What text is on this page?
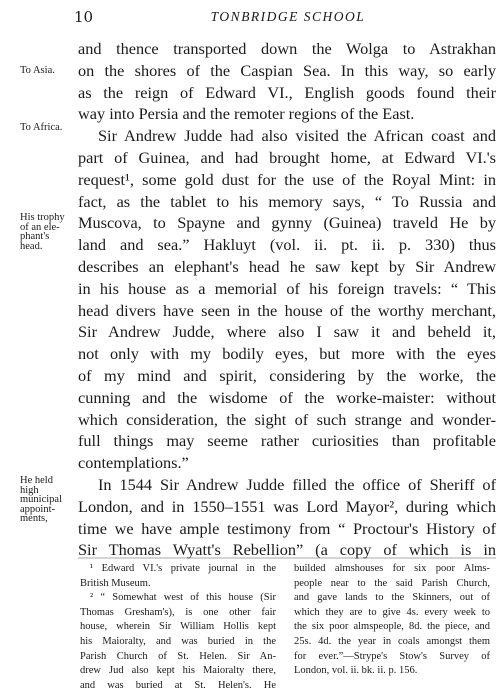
10	TONBRIDGE SCHOOL
To Asia.
To Africa.
His trophy
of an ele-
phant's
head.
He held
high
municipal
appoint-
ments,
and thence transported down the Wolga to Astrakhan
on the shores of the Caspian Sea. In this way, so early
as the reign of Edward VI., English goods found their
way into Persia and the remoter regions of the East.
Sir Andrew Judde had also visited the African coast and
part of Guinea, and had brought home, at Edward VI.'s
request¹, some gold dust for the use of the Royal Mint: in
fact, as the tablet to his memory says, “ To Russia and
Muscova, to Spayne and gynny (Guinea) traveld He by
land and sea.” Hakluyt (vol. ii. pt. ii. p. 330) thus
describes an elephant's head he saw kept by Sir Andrew
in his house as a memorial of his foreign travels: “ This
head divers have seen in the house of the worthy merchant,
Sir Andrew Judde, where also I saw it and beheld it,
not only with my bodily eyes, but more with the eyes
of my mind and spirit, considering by the worke, the
cunning and the wisdome of the worke-maister: without
which consideration, the sight of such strange and wonder-
full things may seeme rather curiosities than profitable
contemplations.”
In 1544 Sir Andrew Judde filled the office of Sheriff of
London, and in 1550–1551 was Lord Mayor², during which
time we have ample testimony from “ Proctour's History of
Sir Thomas Wyatt's Rebellion” (a copy of which is in
¹ Edward VI.'s private journal in the
British Museum.
² “ Somewhat west of this house (Sir
Thomas Gresham's), is one other fair
house, wherein Sir William Hollis kept
his Maioralty, and was buried in the
Parish Church of St. Helen. Sir An-
drew Jud also kept his Maioralty there,
and was buried at St. Helen's. He
builded almshouses for six poor Alms-
people near to the said Parish Church,
and gave lands to the Skinners, out of
which they are to give 4s. every week to
the six poor almspeople, 8d. the piece, and
25s. 4d. the year in coals amongst them
for ever.”—Strype's Stow's Survey of
London, vol. ii. bk. ii. p. 156.
